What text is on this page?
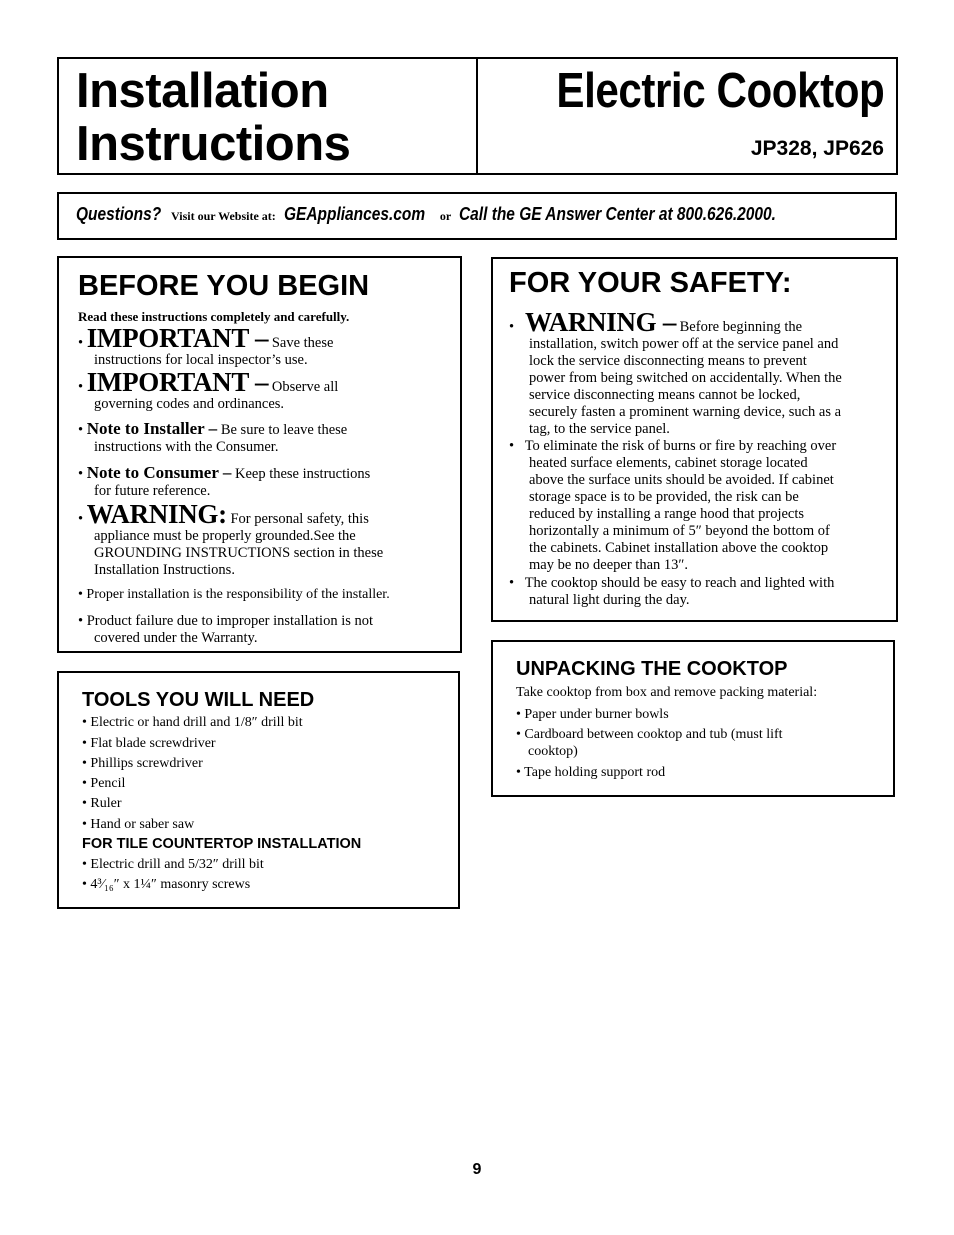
Installation
Instructions
Electric Cooktop
JP328, JP626
Questions? Visit our Website at: GEAppliances.com or Call the GE Answer Center at 800.626.2000.
BEFORE YOU BEGIN
Read these instructions completely and carefully.
• IMPORTANT – Save these
instructions for local inspector’s use.
• IMPORTANT – Observe all
governing codes and ordinances.
• Note to Installer – Be sure to leave these
instructions with the Consumer.
• Note to Consumer – Keep these instructions
for future reference.
• WARNING: For personal safety, this
appliance must be properly grounded.See the
GROUNDING INSTRUCTIONS section in these
Installation Instructions.
• Proper installation is the responsibility of the installer.
• Product failure due to improper installation is not
covered under the Warranty.
FOR YOUR SAFETY:
•   WARNING – Before beginning the
installation, switch power off at the service panel and
lock the service disconnecting means to prevent
power from being switched on accidentally. When the
service disconnecting means cannot be locked,
securely fasten a prominent warning device, such as a
tag, to the service panel.
•   To eliminate the risk of burns or fire by reaching over
heated surface elements, cabinet storage located
above the surface units should be avoided. If cabinet
storage space is to be provided, the risk can be
reduced by installing a range hood that projects
horizontally a minimum of 5″ beyond the bottom of
the cabinets. Cabinet installation above the cooktop
may be no deeper than 13″.
•   The cooktop should be easy to reach and lighted with
natural light during the day.
UNPACKING THE COOKTOP
Take cooktop from box and remove packing material:
• Paper under burner bowls
• Cardboard between cooktop and tub (must lift
cooktop)
• Tape holding support rod
TOOLS YOU WILL NEED
• Electric or hand drill and 1/8″ drill bit
• Flat blade screwdriver
• Phillips screwdriver
• Pencil
• Ruler
• Hand or saber saw
FOR TILE COUNTERTOP INSTALLATION
• Electric drill and 5/32″ drill bit
• 4³⁄₁₆″ x 1¼″ masonry screws
9
